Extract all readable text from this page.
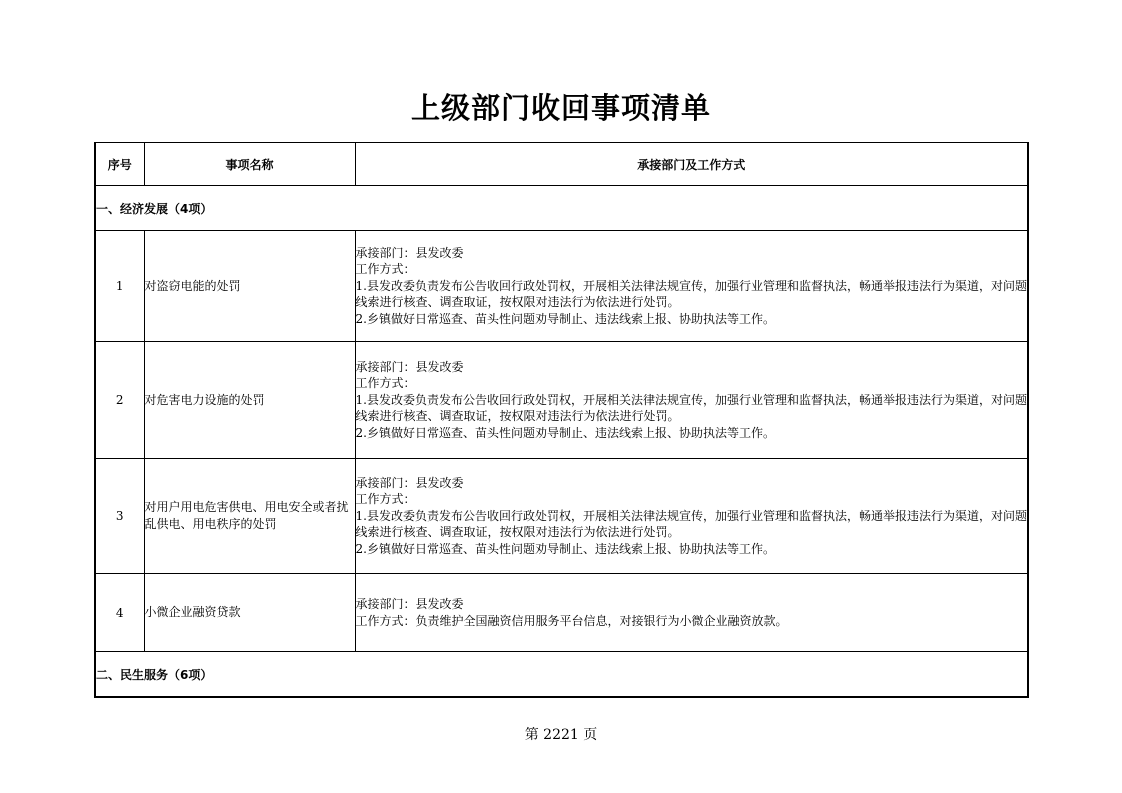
上级部门收回事项清单
序号	事项名称	承接部门及工作方式
一、经济发展（4项）		
1	对盗窃电能的处罚	承接部门：县发改委
工作方式：
1.县发改委负责发布公告收回行政处罚权，开展相关法律法规宣传，加强行业管理和监督执法，畅通举报违法行为渠道，对问题线索进行核查、调查取证，按权限对违法行为依法进行处罚。
2.乡镇做好日常巡查、苗头性问题劝导制止、违法线索上报、协助执法等工作。

2	对危害电力设施的处罚	承接部门：县发改委
工作方式：
1.县发改委负责发布公告收回行政处罚权，开展相关法律法规宣传，加强行业管理和监督执法，畅通举报违法行为渠道，对问题线索进行核查、调查取证，按权限对违法行为依法进行处罚。
2.乡镇做好日常巡查、苗头性问题劝导制止、违法线索上报、协助执法等工作。

3	对用户用电危害供电、用电安全或者扰乱供电、用电秩序的处罚	承接部门：县发改委
工作方式：
1.县发改委负责发布公告收回行政处罚权，开展相关法律法规宣传，加强行业管理和监督执法，畅通举报违法行为渠道，对问题线索进行核查、调查取证，按权限对违法行为依法进行处罚。
2.乡镇做好日常巡查、苗头性问题劝导制止、违法线索上报、协助执法等工作。

4	小微企业融资贷款	承接部门：县发改委
工作方式：负责维护全国融资信用服务平台信息，对接银行为小微企业融资放款。

二、民生服务（6项）		
第 2221 页
